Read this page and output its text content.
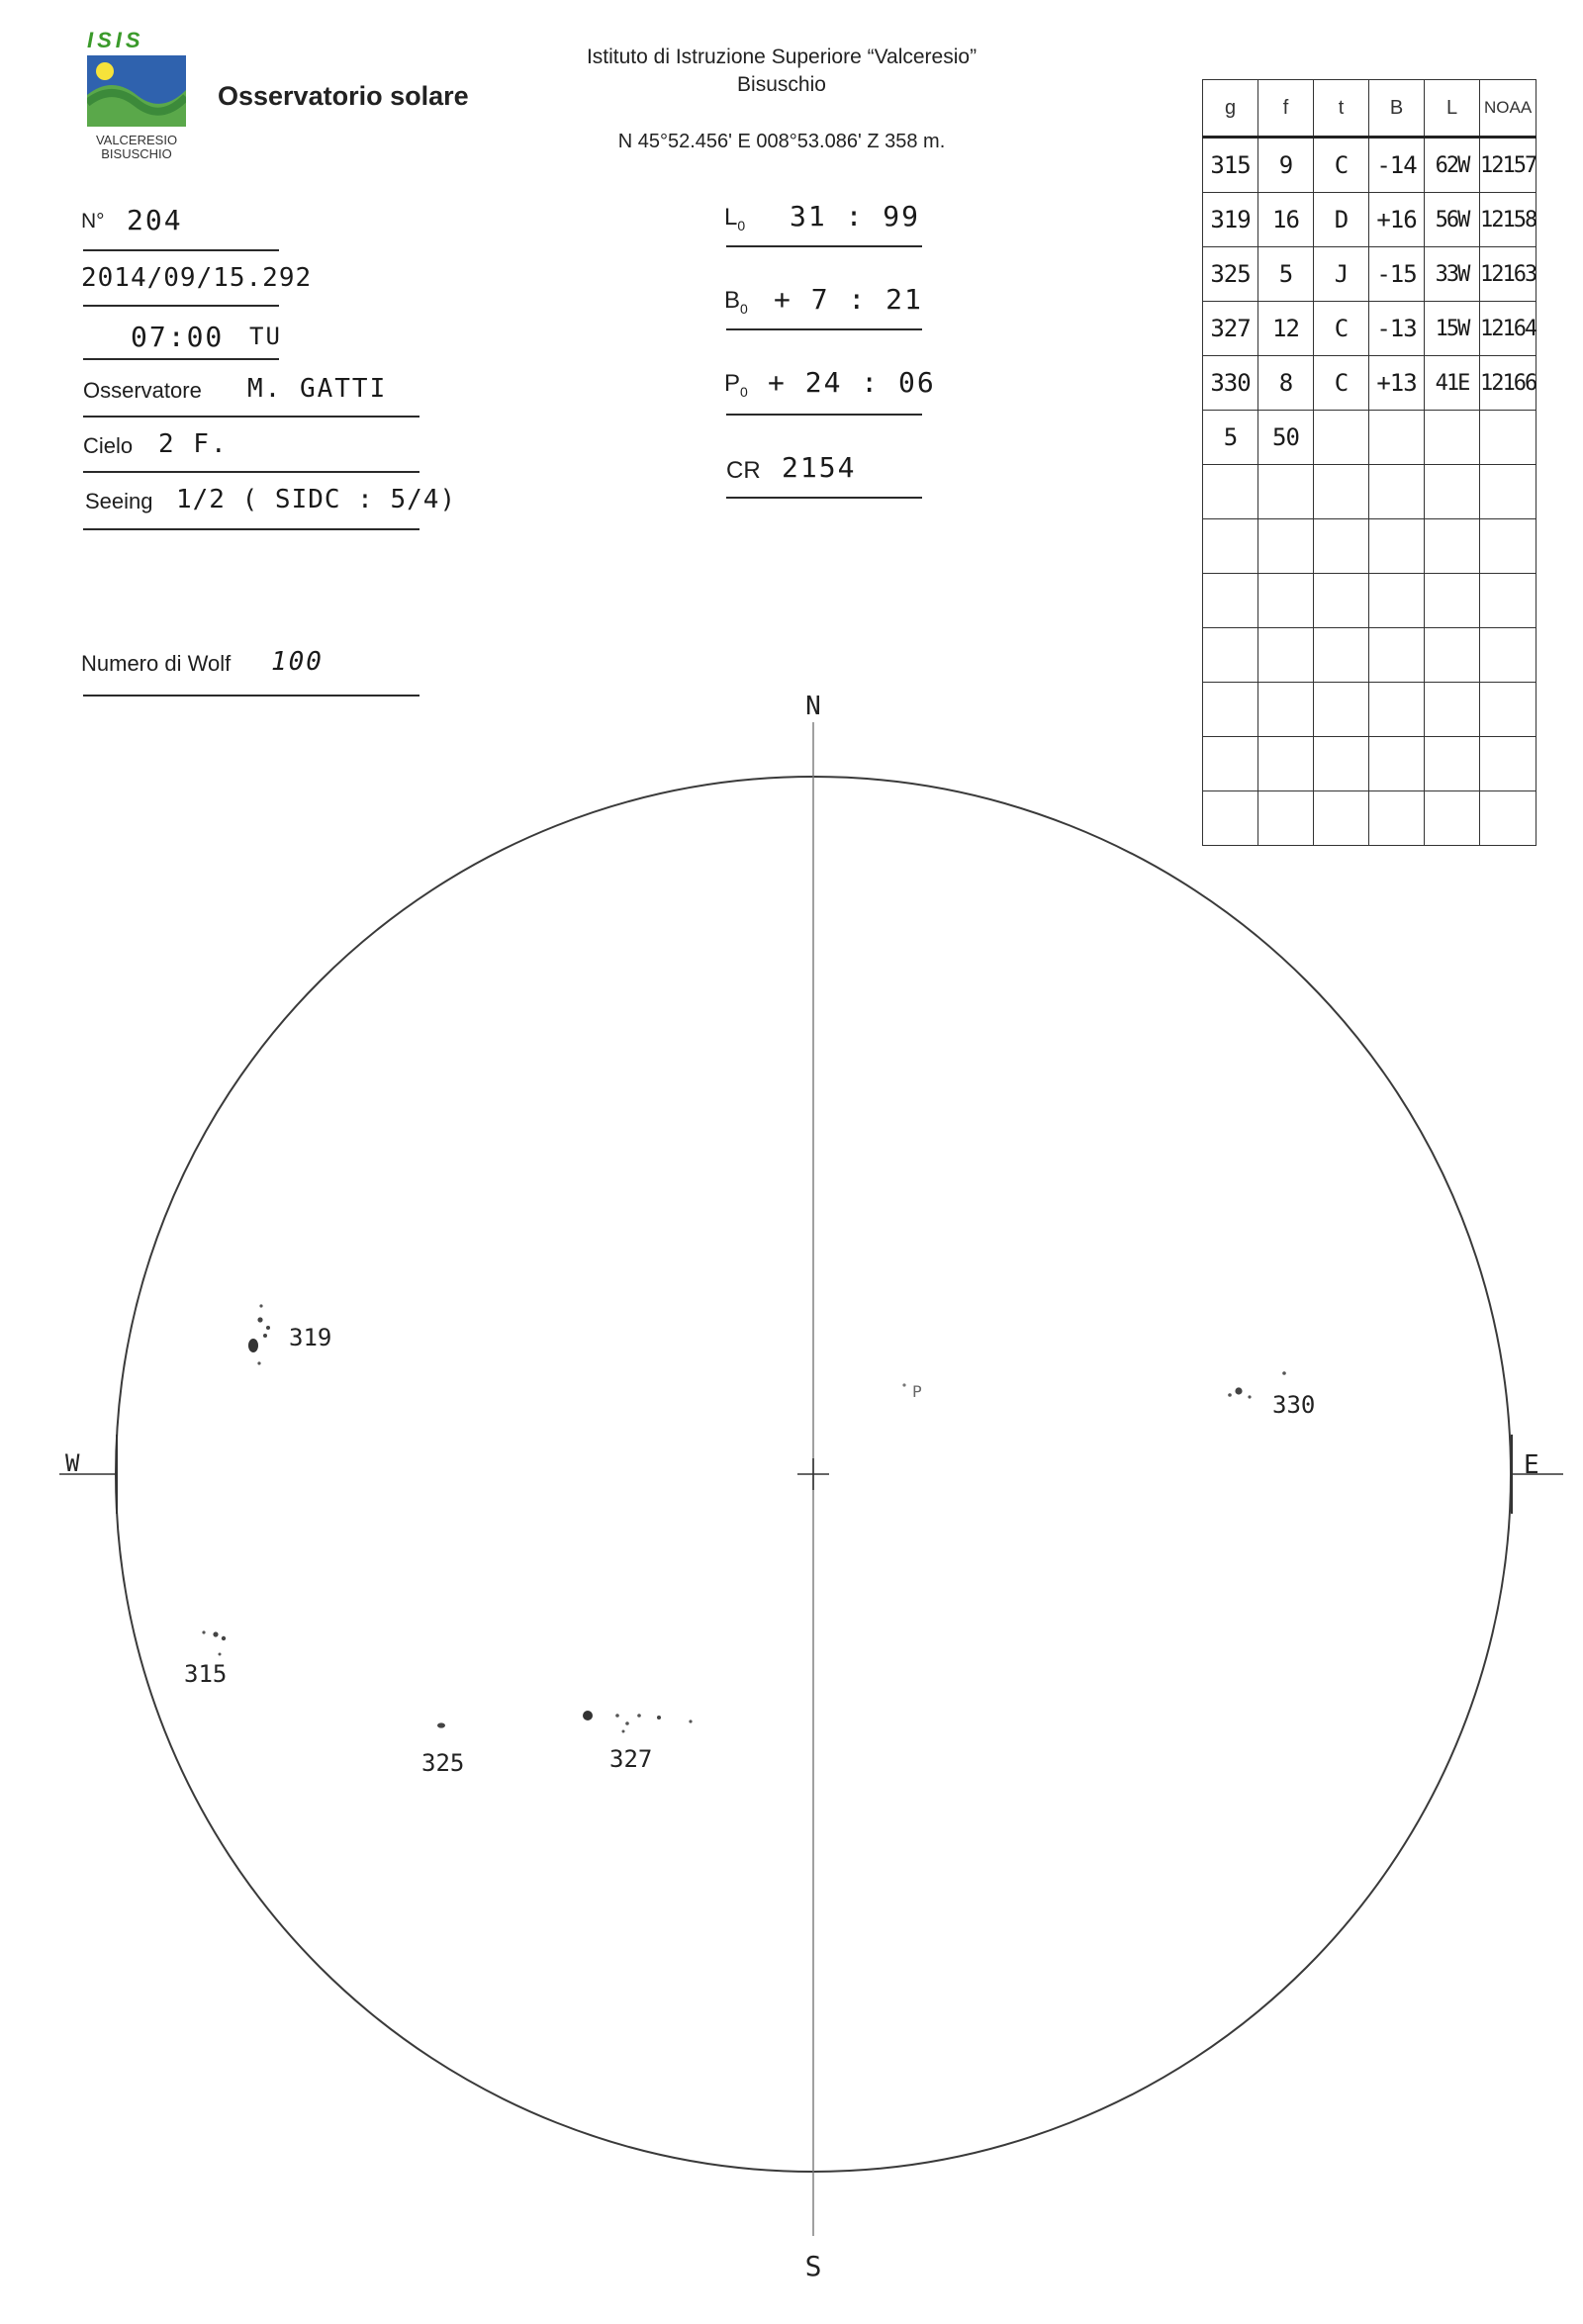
ISIS
VALCERESIO
BISUSCHIO
Osservatorio solare
Istituto di Istruzione Superiore “Valceresio”
Bisuschio
N 45°52.456' E 008°53.086' Z 358 m.
N° 204
2014/09/15.292
07:00 TU
Osservatore M. GATTI
Cielo 2 F.
Seeing 1/2 ( SIDC : 5/4)
Numero di Wolf 100
$L_0$ 31 : 99
$B_0 + 7$ : 21
$P_0 + 24$ : 06
CR 2154
g	f	t	B	L	NOAA
315	9	C	-14	62W	12157
319	16	D	+16	56W	12158
325	5	J	-15	33W	12163
327	12	C	-13	15W	12164
330	8	C	+13	41E	12166
5	50				

N
S
W	E
319
330
315
325	327
P
